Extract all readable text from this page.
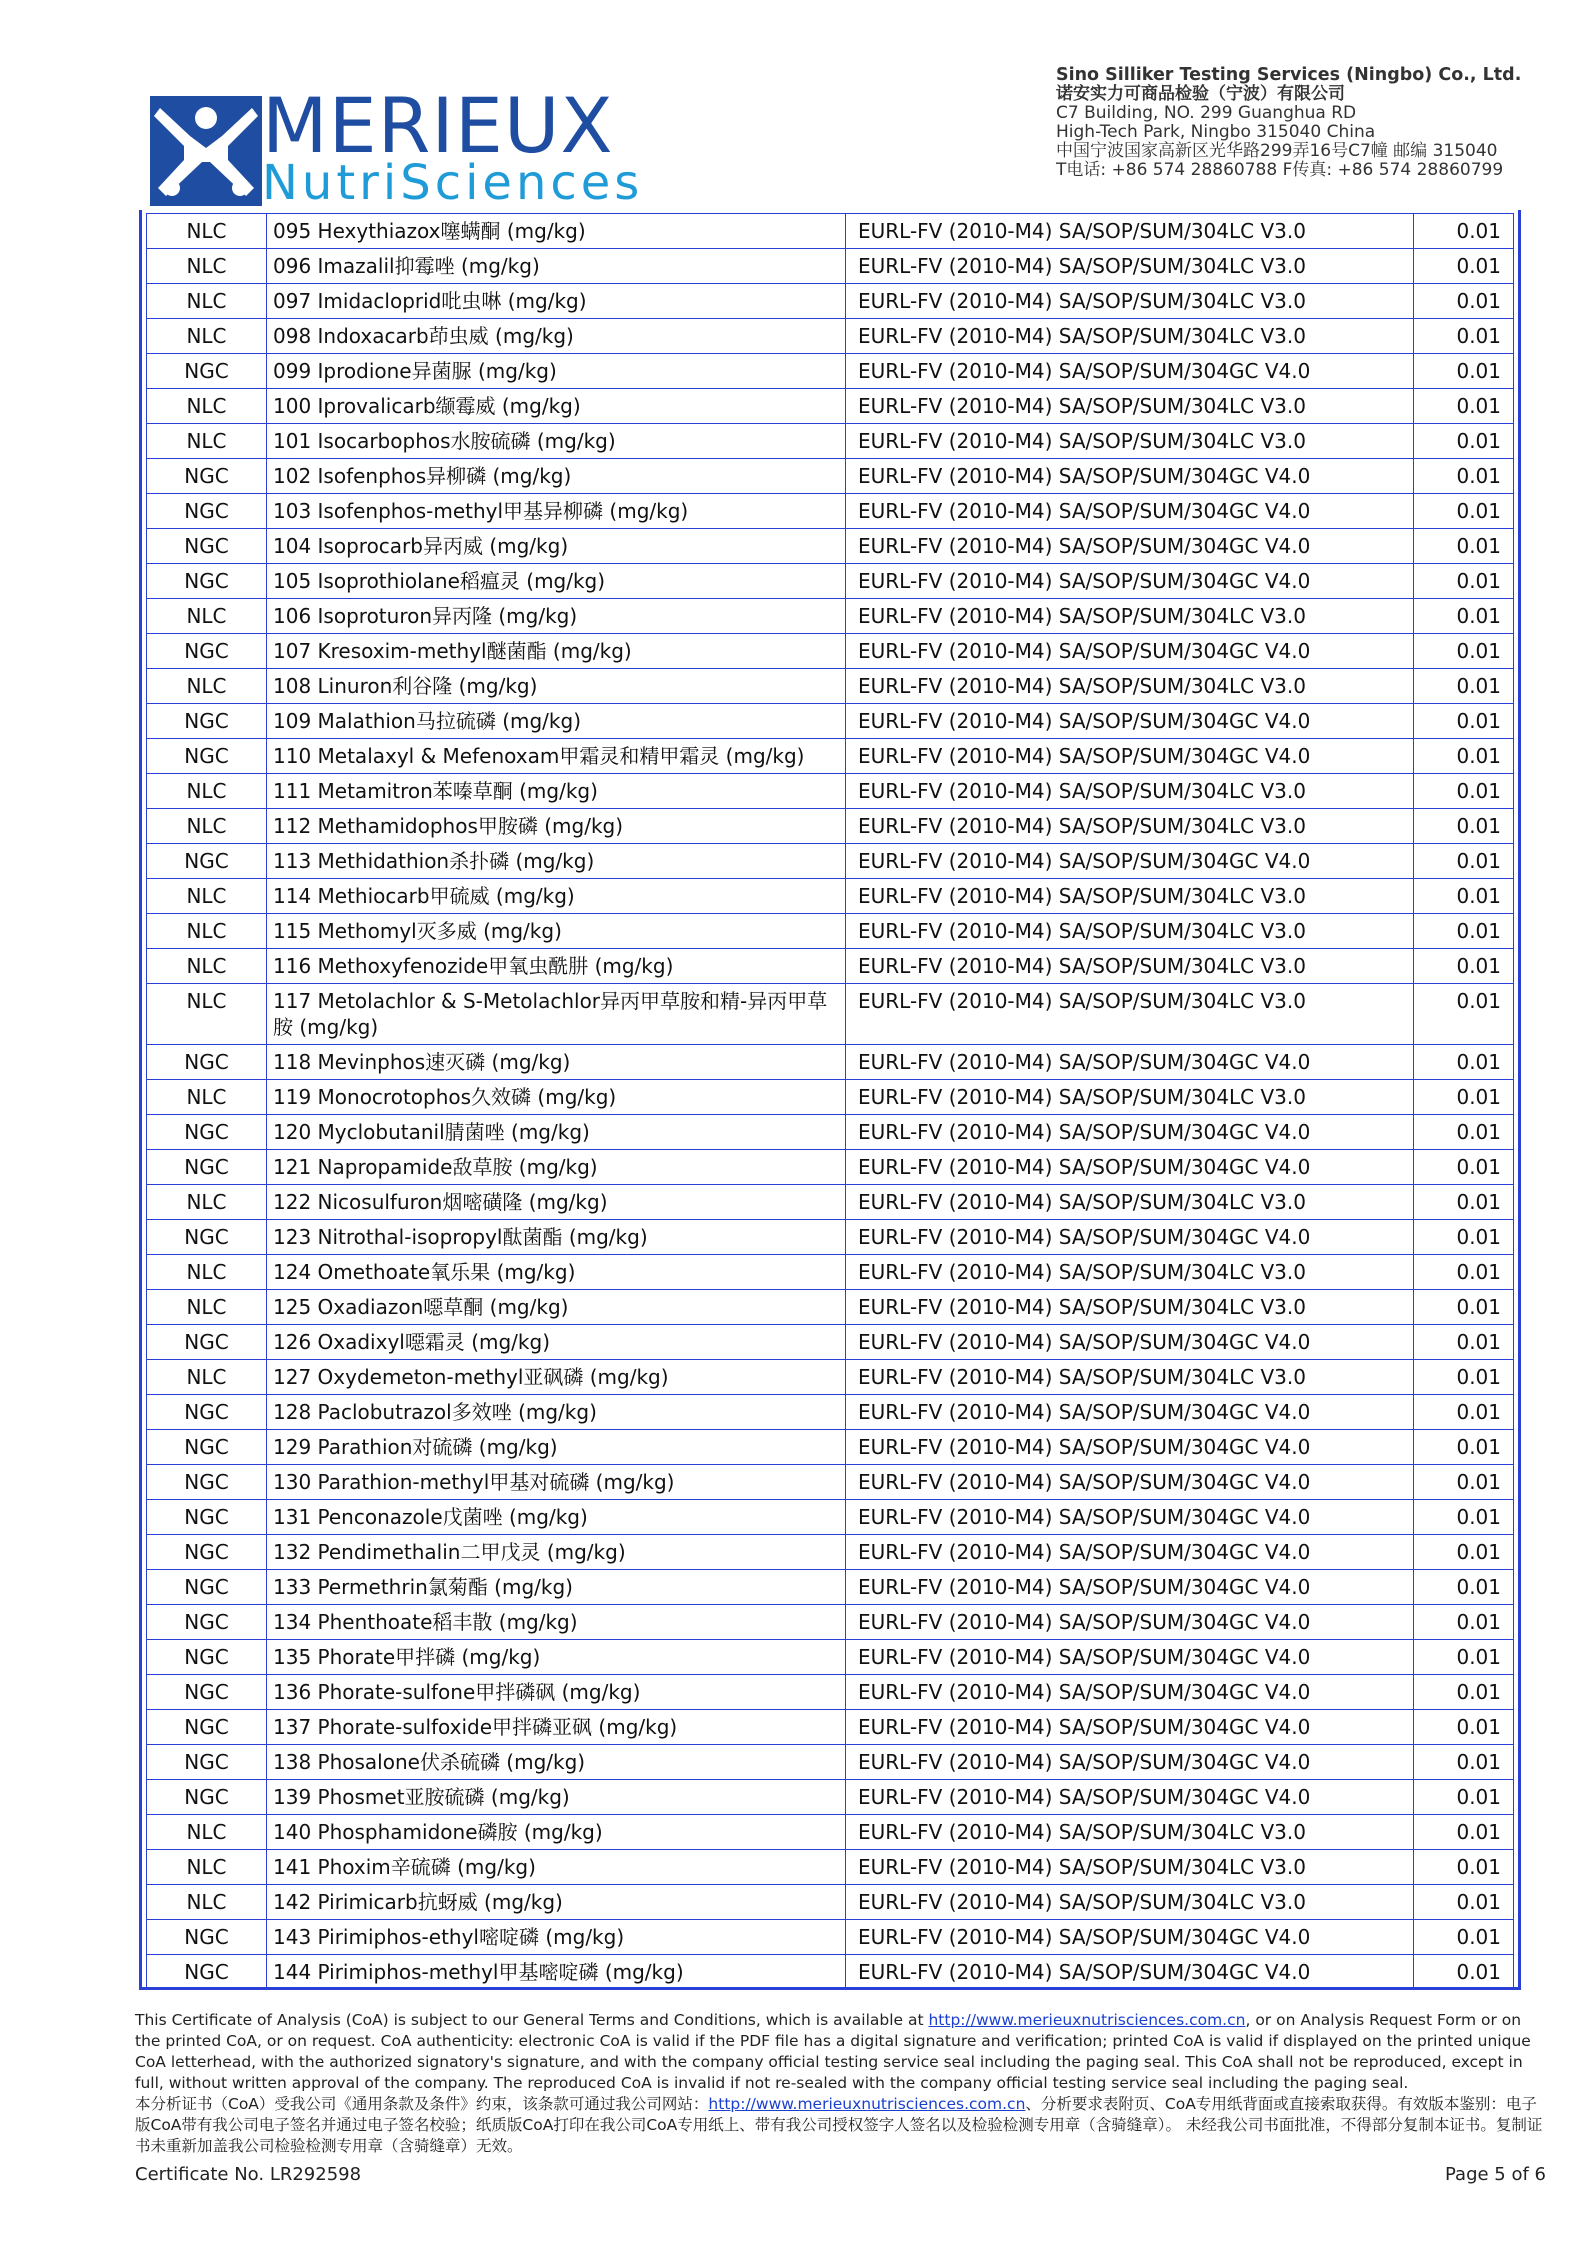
MERIEUX
NutriSciences
Sino Silliker Testing Services (Ningbo) Co., Ltd.
诺安实力可商品检验（宁波）有限公司
C7 Building, NO. 299 Guanghua RD
High-Tech Park, Ningbo 315040 China
中国宁波国家高新区光华路299弄16号C7幢 邮编 315040
T电话: +86 574 28860788 F传真: +86 574 28860799
NLC	095 Hexythiazox噻螨酮 (mg/kg)	EURL-FV (2010-M4) SA/SOP/SUM/304LC V3.0	0.01
NLC	096 Imazalil抑霉唑 (mg/kg)	EURL-FV (2010-M4) SA/SOP/SUM/304LC V3.0	0.01
NLC	097 Imidacloprid吡虫啉 (mg/kg)	EURL-FV (2010-M4) SA/SOP/SUM/304LC V3.0	0.01
NLC	098 Indoxacarb茚虫威 (mg/kg)	EURL-FV (2010-M4) SA/SOP/SUM/304LC V3.0	0.01
NGC	099 Iprodione异菌脲 (mg/kg)	EURL-FV (2010-M4) SA/SOP/SUM/304GC V4.0	0.01
NLC	100 Iprovalicarb缬霉威 (mg/kg)	EURL-FV (2010-M4) SA/SOP/SUM/304LC V3.0	0.01
NLC	101 Isocarbophos水胺硫磷 (mg/kg)	EURL-FV (2010-M4) SA/SOP/SUM/304LC V3.0	0.01
NGC	102 Isofenphos异柳磷 (mg/kg)	EURL-FV (2010-M4) SA/SOP/SUM/304GC V4.0	0.01
NGC	103 Isofenphos-methyl甲基异柳磷 (mg/kg)	EURL-FV (2010-M4) SA/SOP/SUM/304GC V4.0	0.01
NGC	104 Isoprocarb异丙威 (mg/kg)	EURL-FV (2010-M4) SA/SOP/SUM/304GC V4.0	0.01
NGC	105 Isoprothiolane稻瘟灵 (mg/kg)	EURL-FV (2010-M4) SA/SOP/SUM/304GC V4.0	0.01
NLC	106 Isoproturon异丙隆 (mg/kg)	EURL-FV (2010-M4) SA/SOP/SUM/304LC V3.0	0.01
NGC	107 Kresoxim-methyl醚菌酯 (mg/kg)	EURL-FV (2010-M4) SA/SOP/SUM/304GC V4.0	0.01
NLC	108 Linuron利谷隆 (mg/kg)	EURL-FV (2010-M4) SA/SOP/SUM/304LC V3.0	0.01
NGC	109 Malathion马拉硫磷 (mg/kg)	EURL-FV (2010-M4) SA/SOP/SUM/304GC V4.0	0.01
NGC	110 Metalaxyl & Mefenoxam甲霜灵和精甲霜灵 (mg/kg)	EURL-FV (2010-M4) SA/SOP/SUM/304GC V4.0	0.01
NLC	111 Metamitron苯嗪草酮 (mg/kg)	EURL-FV (2010-M4) SA/SOP/SUM/304LC V3.0	0.01
NLC	112 Methamidophos甲胺磷 (mg/kg)	EURL-FV (2010-M4) SA/SOP/SUM/304LC V3.0	0.01
NGC	113 Methidathion杀扑磷 (mg/kg)	EURL-FV (2010-M4) SA/SOP/SUM/304GC V4.0	0.01
NLC	114 Methiocarb甲硫威 (mg/kg)	EURL-FV (2010-M4) SA/SOP/SUM/304LC V3.0	0.01
NLC	115 Methomyl灭多威 (mg/kg)	EURL-FV (2010-M4) SA/SOP/SUM/304LC V3.0	0.01
NLC	116 Methoxyfenozide甲氧虫酰肼 (mg/kg)	EURL-FV (2010-M4) SA/SOP/SUM/304LC V3.0	0.01
NLC	117 Metolachlor & S-Metolachlor异丙甲草胺和精-异丙甲草胺 (mg/kg)	EURL-FV (2010-M4) SA/SOP/SUM/304LC V3.0	0.01
NGC	118 Mevinphos速灭磷 (mg/kg)	EURL-FV (2010-M4) SA/SOP/SUM/304GC V4.0	0.01
NLC	119 Monocrotophos久效磷 (mg/kg)	EURL-FV (2010-M4) SA/SOP/SUM/304LC V3.0	0.01
NGC	120 Myclobutanil腈菌唑 (mg/kg)	EURL-FV (2010-M4) SA/SOP/SUM/304GC V4.0	0.01
NGC	121 Napropamide敌草胺 (mg/kg)	EURL-FV (2010-M4) SA/SOP/SUM/304GC V4.0	0.01
NLC	122 Nicosulfuron烟嘧磺隆 (mg/kg)	EURL-FV (2010-M4) SA/SOP/SUM/304LC V3.0	0.01
NGC	123 Nitrothal-isopropyl酞菌酯 (mg/kg)	EURL-FV (2010-M4) SA/SOP/SUM/304GC V4.0	0.01
NLC	124 Omethoate氧乐果 (mg/kg)	EURL-FV (2010-M4) SA/SOP/SUM/304LC V3.0	0.01
NLC	125 Oxadiazon噁草酮 (mg/kg)	EURL-FV (2010-M4) SA/SOP/SUM/304LC V3.0	0.01
NGC	126 Oxadixyl噁霜灵 (mg/kg)	EURL-FV (2010-M4) SA/SOP/SUM/304GC V4.0	0.01
NLC	127 Oxydemeton-methyl亚砜磷 (mg/kg)	EURL-FV (2010-M4) SA/SOP/SUM/304LC V3.0	0.01
NGC	128 Paclobutrazol多效唑 (mg/kg)	EURL-FV (2010-M4) SA/SOP/SUM/304GC V4.0	0.01
NGC	129 Parathion对硫磷 (mg/kg)	EURL-FV (2010-M4) SA/SOP/SUM/304GC V4.0	0.01
NGC	130 Parathion-methyl甲基对硫磷 (mg/kg)	EURL-FV (2010-M4) SA/SOP/SUM/304GC V4.0	0.01
NGC	131 Penconazole戊菌唑 (mg/kg)	EURL-FV (2010-M4) SA/SOP/SUM/304GC V4.0	0.01
NGC	132 Pendimethalin二甲戊灵 (mg/kg)	EURL-FV (2010-M4) SA/SOP/SUM/304GC V4.0	0.01
NGC	133 Permethrin氯菊酯 (mg/kg)	EURL-FV (2010-M4) SA/SOP/SUM/304GC V4.0	0.01
NGC	134 Phenthoate稻丰散 (mg/kg)	EURL-FV (2010-M4) SA/SOP/SUM/304GC V4.0	0.01
NGC	135 Phorate甲拌磷 (mg/kg)	EURL-FV (2010-M4) SA/SOP/SUM/304GC V4.0	0.01
NGC	136 Phorate-sulfone甲拌磷砜 (mg/kg)	EURL-FV (2010-M4) SA/SOP/SUM/304GC V4.0	0.01
NGC	137 Phorate-sulfoxide甲拌磷亚砜 (mg/kg)	EURL-FV (2010-M4) SA/SOP/SUM/304GC V4.0	0.01
NGC	138 Phosalone伏杀硫磷 (mg/kg)	EURL-FV (2010-M4) SA/SOP/SUM/304GC V4.0	0.01
NGC	139 Phosmet亚胺硫磷 (mg/kg)	EURL-FV (2010-M4) SA/SOP/SUM/304GC V4.0	0.01
NLC	140 Phosphamidone磷胺 (mg/kg)	EURL-FV (2010-M4) SA/SOP/SUM/304LC V3.0	0.01
NLC	141 Phoxim辛硫磷 (mg/kg)	EURL-FV (2010-M4) SA/SOP/SUM/304LC V3.0	0.01
NLC	142 Pirimicarb抗蚜威 (mg/kg)	EURL-FV (2010-M4) SA/SOP/SUM/304LC V3.0	0.01
NGC	143 Pirimiphos-ethyl嘧啶磷 (mg/kg)	EURL-FV (2010-M4) SA/SOP/SUM/304GC V4.0	0.01
NGC	144 Pirimiphos-methyl甲基嘧啶磷 (mg/kg)	EURL-FV (2010-M4) SA/SOP/SUM/304GC V4.0	0.01
This Certificate of Analysis (CoA) is subject to our General Terms and Conditions, which is available at http://www.merieuxnutrisciences.com.cn, or on Analysis Request Form or on the printed CoA, or on request. CoA authenticity: electronic CoA is valid if the PDF file has a digital signature and verification; printed CoA is valid if displayed on the printed unique CoA letterhead, with the authorized signatory's signature, and with the company official testing service seal including the paging seal. This CoA shall not be reproduced, except in full, without written approval of the company. The reproduced CoA is invalid if not re-sealed with the company official testing service seal including the paging seal.
本分析证书（CoA）受我公司《通用条款及条件》约束，该条款可通过我公司网站：http://www.merieuxnutrisciences.com.cn、分析要求表附页、CoA专用纸背面或直接索取获得。有效版本鉴别：电子版CoA带有我公司电子签名并通过电子签名校验；纸质版CoA打印在我公司CoA专用纸上、带有我公司授权签字人签名以及检验检测专用章（含骑缝章）。 未经我公司书面批准，不得部分复制本证书。复制证书未重新加盖我公司检验检测专用章（含骑缝章）无效。
Certificate No. LR292598	Page 5 of 6
